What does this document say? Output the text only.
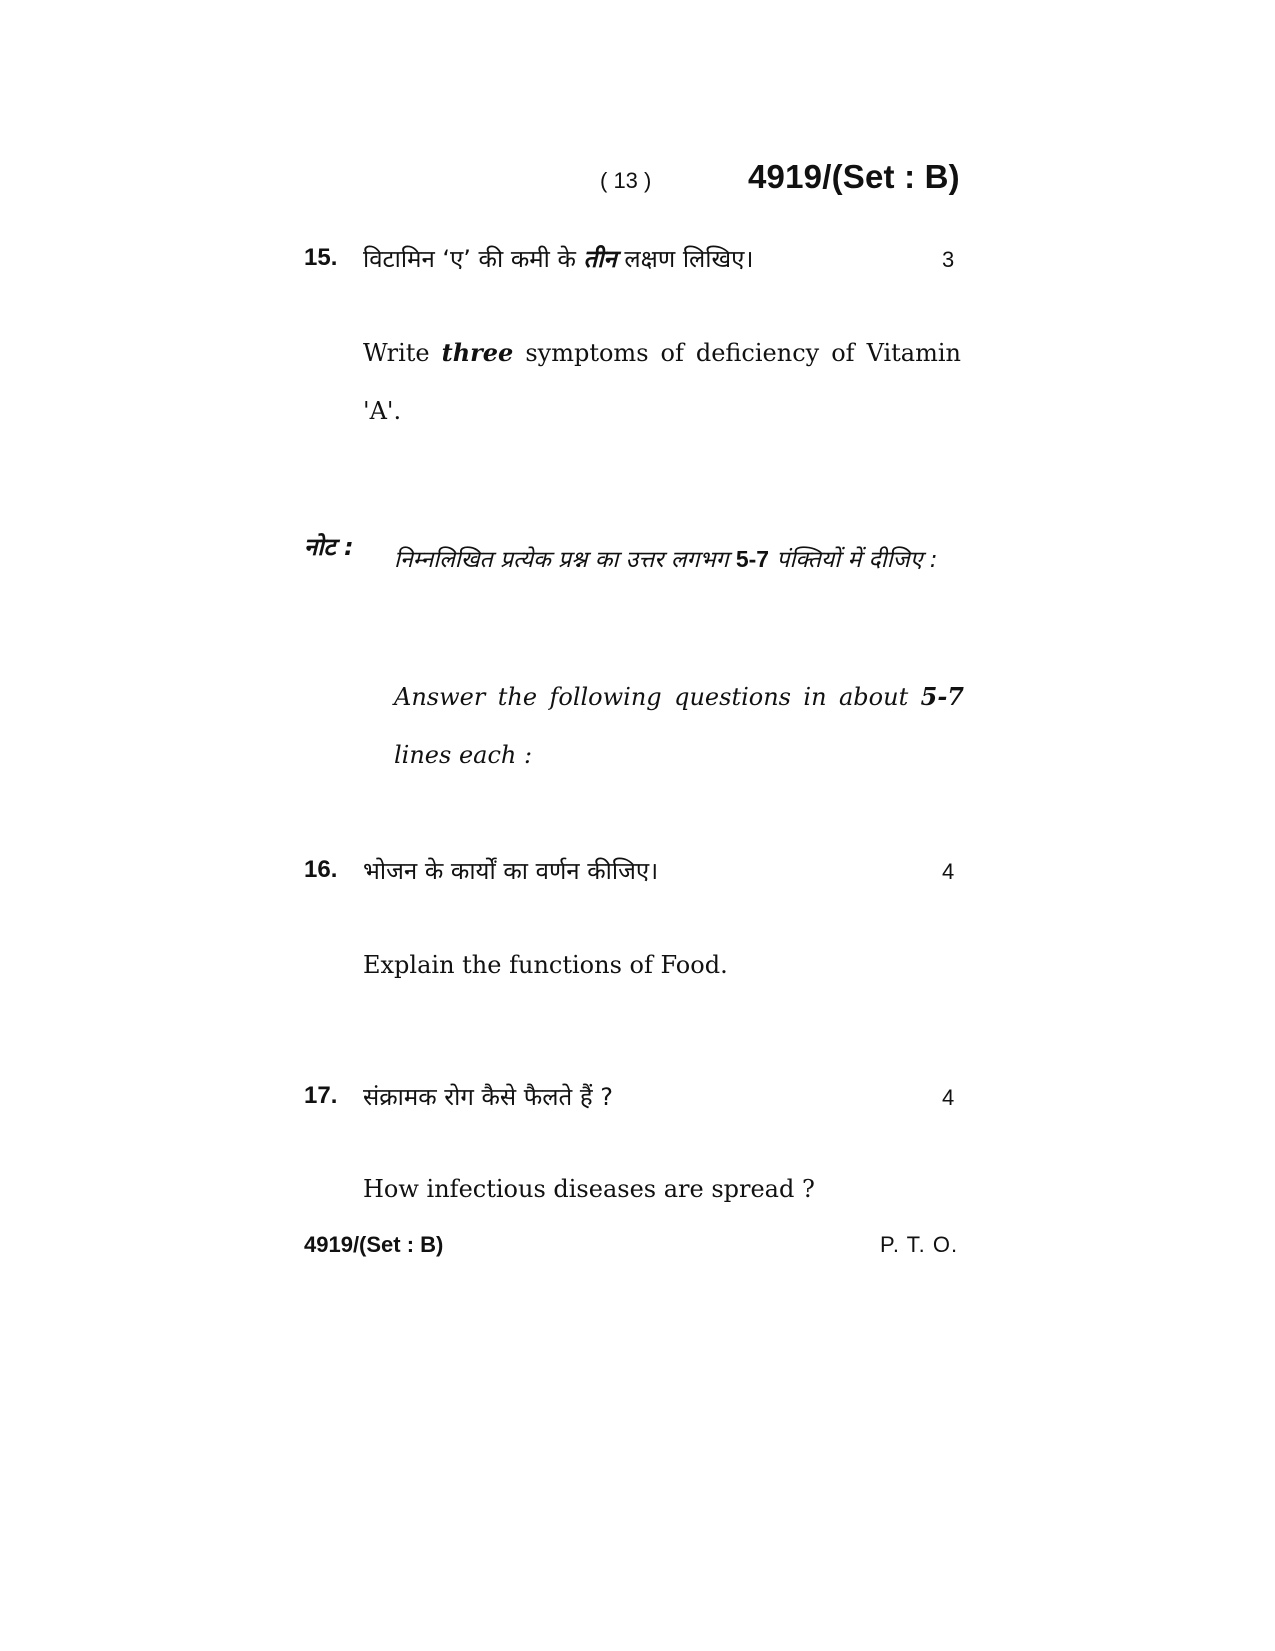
( 13 )	4919/(Set : B)
15. विटामिन ‘ए’ की कमी के तीन लक्षण लिखिए।	3
Write three symptoms of deficiency of Vitamin 'A'.
नोट : निम्नलिखित प्रत्येक प्रश्न का उत्तर लगभग 5-7 पंक्तियों में दीजिए :
Answer the following questions in about 5-7 lines each :
16. भोजन के कार्यों का वर्णन कीजिए।	4
Explain the functions of Food.
17. संक्रामक रोग कैसे फैलते हैं ?	4
How infectious diseases are spread ?
4919/(Set : B)	P. T. O.
